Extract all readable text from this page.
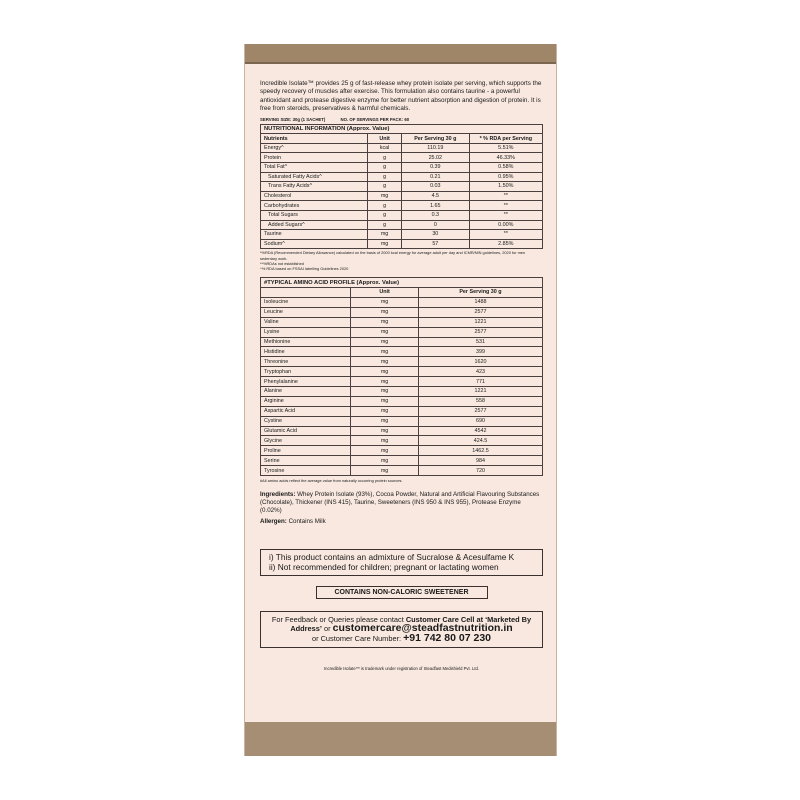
Incredible Isolate™ provides 25 g of fast-release whey protein isolate per serving, which supports the speedy recovery of muscles after exercise. This formulation also contains taurine - a powerful antioxidant and protease digestive enzyme for better nutrient absorption and digestion of protein. It is free from steroids, preservatives & harmful chemicals.

SERVING SIZE: 30g (1 SACHET)	NO. OF SERVINGS PER PACK: 60
NUTRITIONAL INFORMATION (Approx. Value)			
Nutrients	Unit	Per Serving 30 g	* % RDA per Serving
Energy^	kcal	110.19	5.51%
Protein	g	25.02	46.33%
Total Fat^	g	0.39	0.58%
Saturated Fatty Acids^	g	0.21	0.95%
Trans Fatty Acids^	g	0.03	1.50%
Cholesterol	mg	4.5	**
Carbohydrates	g	1.65	**
Total Sugars	g	0.3	**
Added Sugars^	g	0	0.00%
Taurine	mg	30	**
Sodium^	mg	57	2.85%
*%RDA (Recommended Dietary Allowance) calculated on the basis of 2000 kcal energy for average adult per day and ICMR/NIN guidelines, 2020 for men sedentary work.
**%RDAs not established
^% RDA based on FSSAI labelling Guidelines 2020
#TYPICAL AMINO ACID PROFILE (Approx. Value)		
	Unit	Per Serving 30 g
Isoleucine	mg	1488
Leucine	mg	2577
Valine	mg	1221
Lysine	mg	2577
Methionine	mg	531
Histidine	mg	399
Threonine	mg	1620
Tryptophan	mg	423
Phenylalanine	mg	771
Alanine	mg	1221
Arginine	mg	558
Aspartic Acid	mg	2577
Cystine	mg	690
Glutamic Acid	mg	4542
Glycine	mg	424.5
Proline	mg	1462.5
Serine	mg	984
Tyrosine	mg	720
#All amino acids reflect the average value from naturally occurring protein sources.
Ingredients: Whey Protein Isolate (93%), Cocoa Powder, Natural and Artificial Flavouring Substances (Chocolate), Thickener (INS 415), Taurine, Sweeteners (INS 950 & INS 955), Protease Enzyme (0.02%)
Allergen: Contains Milk
i) This product contains an admixture of Sucralose & Acesulfame K
ii) Not recommended for children; pregnant or lactating women
CONTAINS NON-CALORIC SWEETENER
For Feedback or Queries please contact Customer Care Cell at ‘Marketed By Address’ or customercare@steadfastnutrition.in
or Customer Care Number: +91 742 80 07 230
Incredible Isolate™ is trademark under registration of Steadfast Medishield Pvt. Ltd.
